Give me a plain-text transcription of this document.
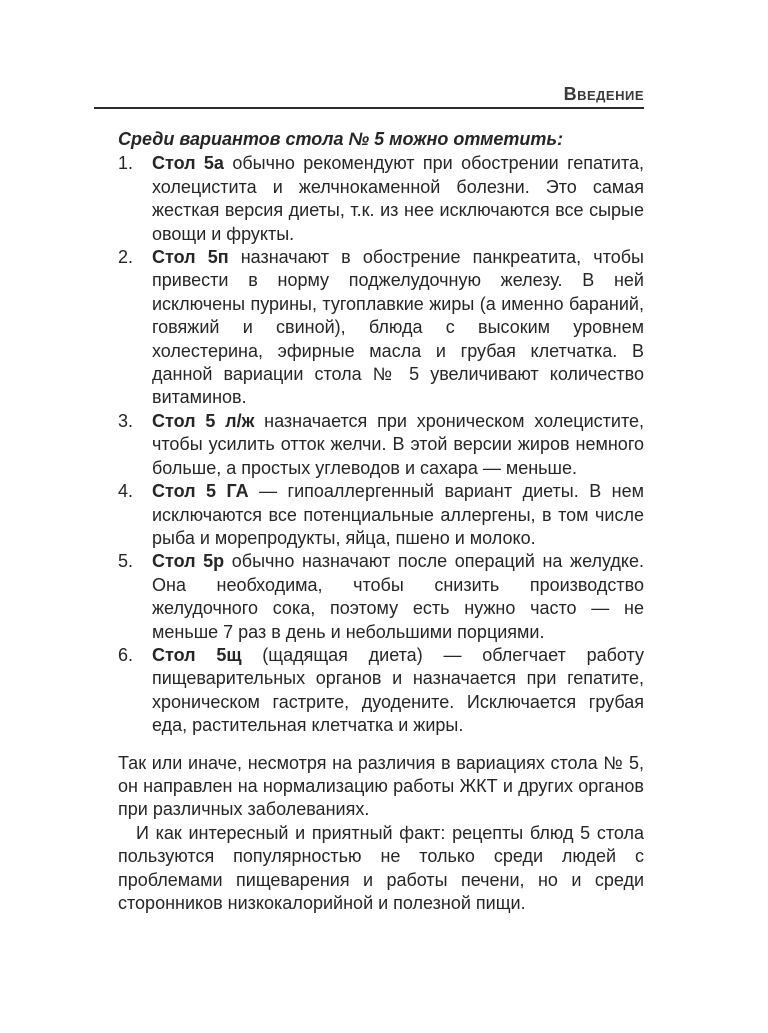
Введение

Среди вариантов стола № 5 можно отметить:

1.	Стол 5а обычно рекомендуют при обострении гепатита, холецистита и желчнокаменной болезни. Это самая жесткая версия диеты, т.к. из нее исключаются все сырые овощи и фрукты.
2.	Стол 5п назначают в обострение панкреатита, чтобы привести в норму поджелудочную железу. В ней исключены пурины, тугоплавкие жиры (а именно бараний, говяжий и свиной), блюда с высоким уровнем холестерина, эфирные масла и грубая клетчатка. В данной вариации стола № 5 увеличивают количество витаминов.
3.	Стол 5 л/ж назначается при хроническом холецистите, чтобы усилить отток желчи. В этой версии жиров немного больше, а простых углеводов и сахара — меньше.
4.	Стол 5 ГА — гипоаллергенный вариант диеты. В нем исключаются все потенциальные аллергены, в том числе рыба и морепродукты, яйца, пшено и молоко.
5.	Стол 5р обычно назначают после операций на желудке. Она необходима, чтобы снизить производство желудочного сока, поэтому есть нужно часто — не меньше 7 раз в день и небольшими порциями.
6.	Стол 5щ (щадящая диета) — облегчает работу пищеварительных органов и назначается при гепатите, хроническом гастрите, дуодените. Исключается грубая еда, растительная клетчатка и жиры.

Так или иначе, несмотря на различия в вариациях стола № 5, он направлен на нормализацию работы ЖКТ и других органов при различных заболеваниях.

И как интересный и приятный факт: рецепты блюд 5 стола пользуются популярностью не только среди людей с проблемами пищеварения и работы печени, но и среди сторонников низкокалорийной и полезной пищи.
